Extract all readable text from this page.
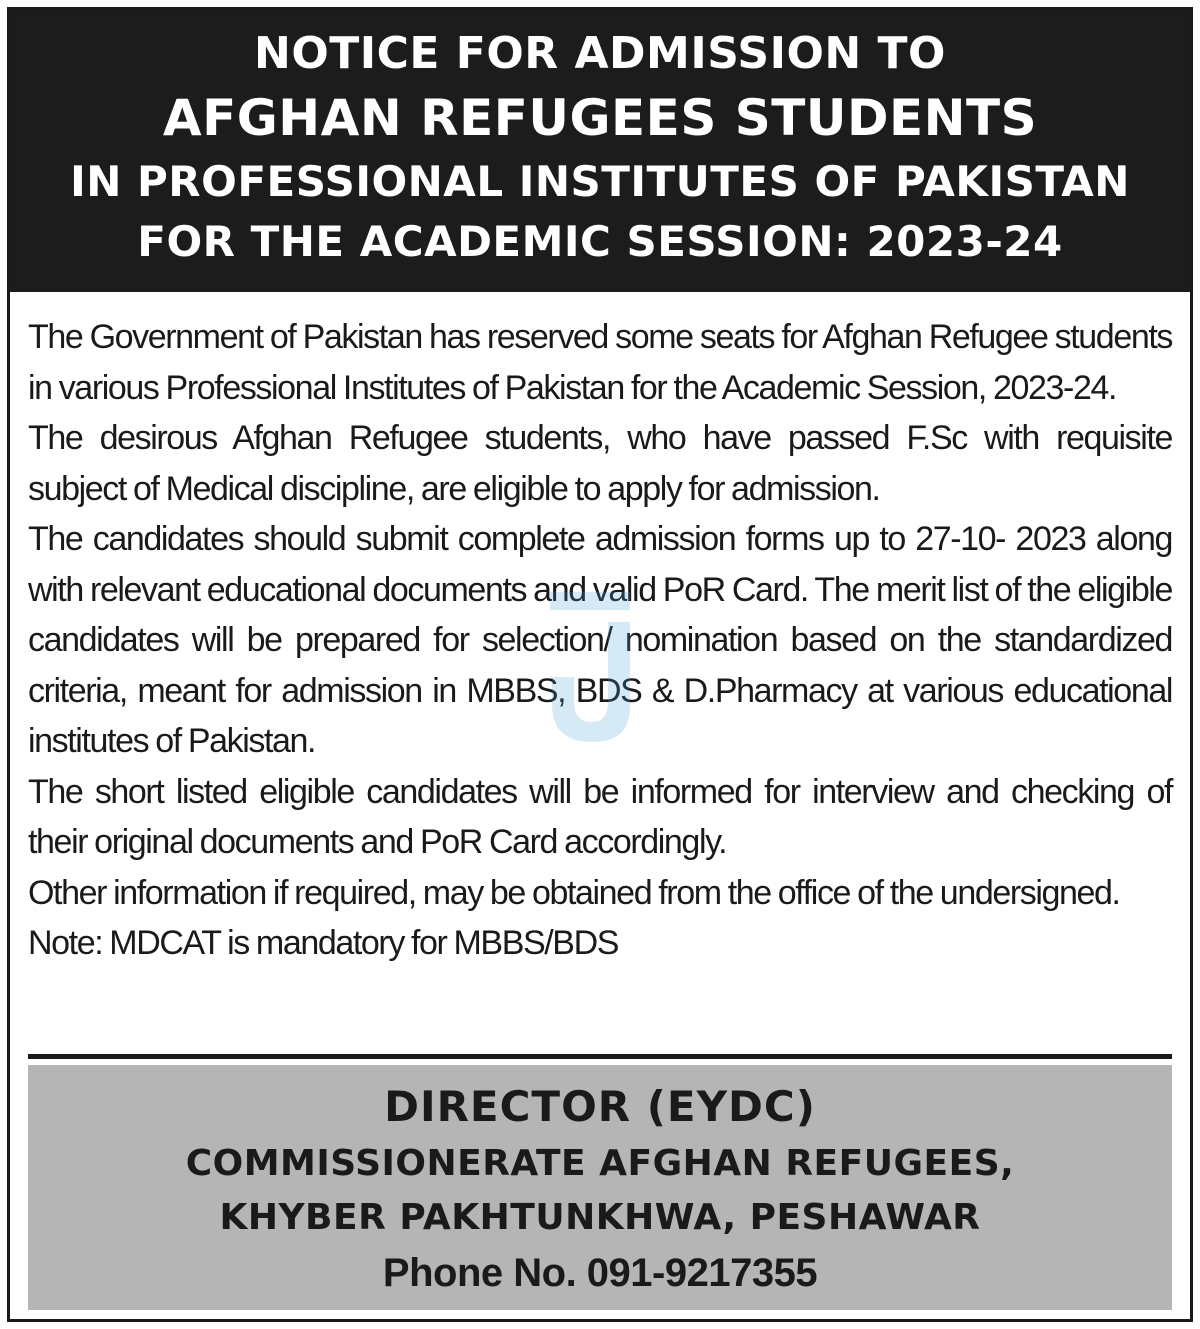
NOTICE FOR ADMISSION TO
AFGHAN REFUGEES STUDENTS
IN PROFESSIONAL INSTITUTES OF PAKISTAN
FOR THE ACADEMIC SESSION: 2023-24

The Government of Pakistan has reserved some seats for Afghan Refugee students in various Professional Institutes of Pakistan for the Academic Session, 2023-24.

The desirous Afghan Refugee students, who have passed F.Sc with requisite subject of Medical discipline, are eligible to apply for admission.

The candidates should submit complete admission forms up to 27-10- 2023 along with relevant educational documents and valid PoR Card. The merit list of the eligible candidates will be prepared for selection/ nomination based on the standardized criteria, meant for admission in MBBS, BDS & D.Pharmacy at various educational institutes of Pakistan.

The short listed eligible candidates will be informed for interview and checking of their original documents and PoR Card accordingly.

Other information if required, may be obtained from the office of the undersigned.

Note: MDCAT is mandatory for MBBS/BDS

DIRECTOR (EYDC)
COMMISSIONERATE AFGHAN REFUGEES,
KHYBER PAKHTUNKHWA, PESHAWAR
Phone No. 091-9217355
